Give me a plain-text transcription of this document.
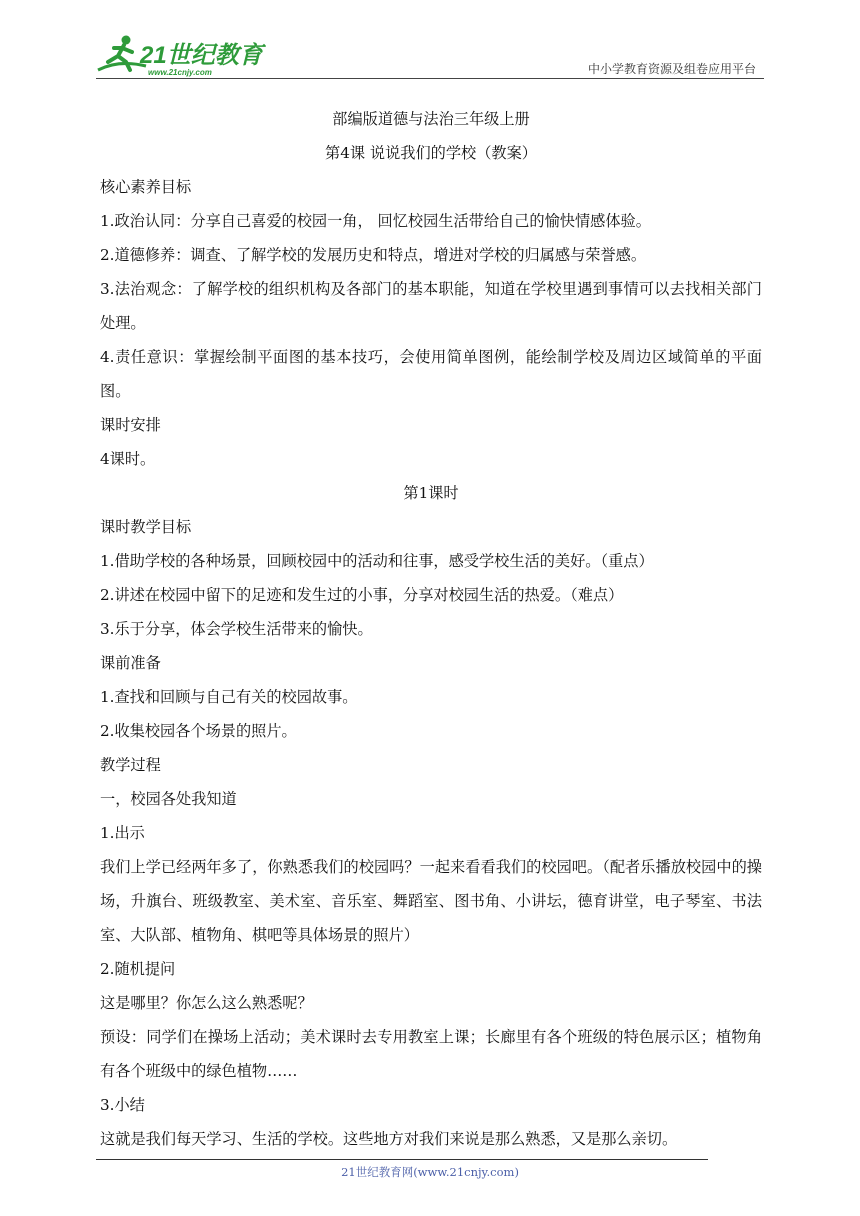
21世纪教育
www.21cnjy.com	中小学教育资源及组卷应用平台

部编版道德与法治三年级上册

第4课 说说我们的学校（教案）

核心素养目标

1.政治认同：分享自己喜爱的校园一角， 回忆校园生活带给自己的愉快情感体验。

2.道德修养：调查、了解学校的发展历史和特点，增进对学校的归属感与荣誉感。

3.法治观念：了解学校的组织机构及各部门的基本职能，知道在学校里遇到事情可以去找相关部门处理。

4.责任意识：掌握绘制平面图的基本技巧，会使用简单图例，能绘制学校及周边区域简单的平面图。

课时安排

4课时。

第1课时

课时教学目标

1.借助学校的各种场景，回顾校园中的活动和往事，感受学校生活的美好。（重点）

2.讲述在校园中留下的足迹和发生过的小事，分享对校园生活的热爱。（难点）

3.乐于分享，体会学校生活带来的愉快。

课前准备

1.查找和回顾与自己有关的校园故事。

2.收集校园各个场景的照片。

教学过程

一，校园各处我知道

1.出示

我们上学已经两年多了，你熟悉我们的校园吗？一起来看看我们的校园吧。（配者乐播放校园中的操场，升旗台、班级教室、美术室、音乐室、舞蹈室、图书角、小讲坛，德育讲堂，电子琴室、书法室、大队部、植物角、棋吧等具体场景的照片）

2.随机提问

这是哪里？你怎么这么熟悉呢？

预设：同学们在操场上活动；美术课时去专用教室上课；长廊里有各个班级的特色展示区；植物角有各个班级中的绿色植物……

3.小结

这就是我们每天学习、生活的学校。这些地方对我们来说是那么熟悉，又是那么亲切。

21世纪教育网(www.21cnjy.com)
